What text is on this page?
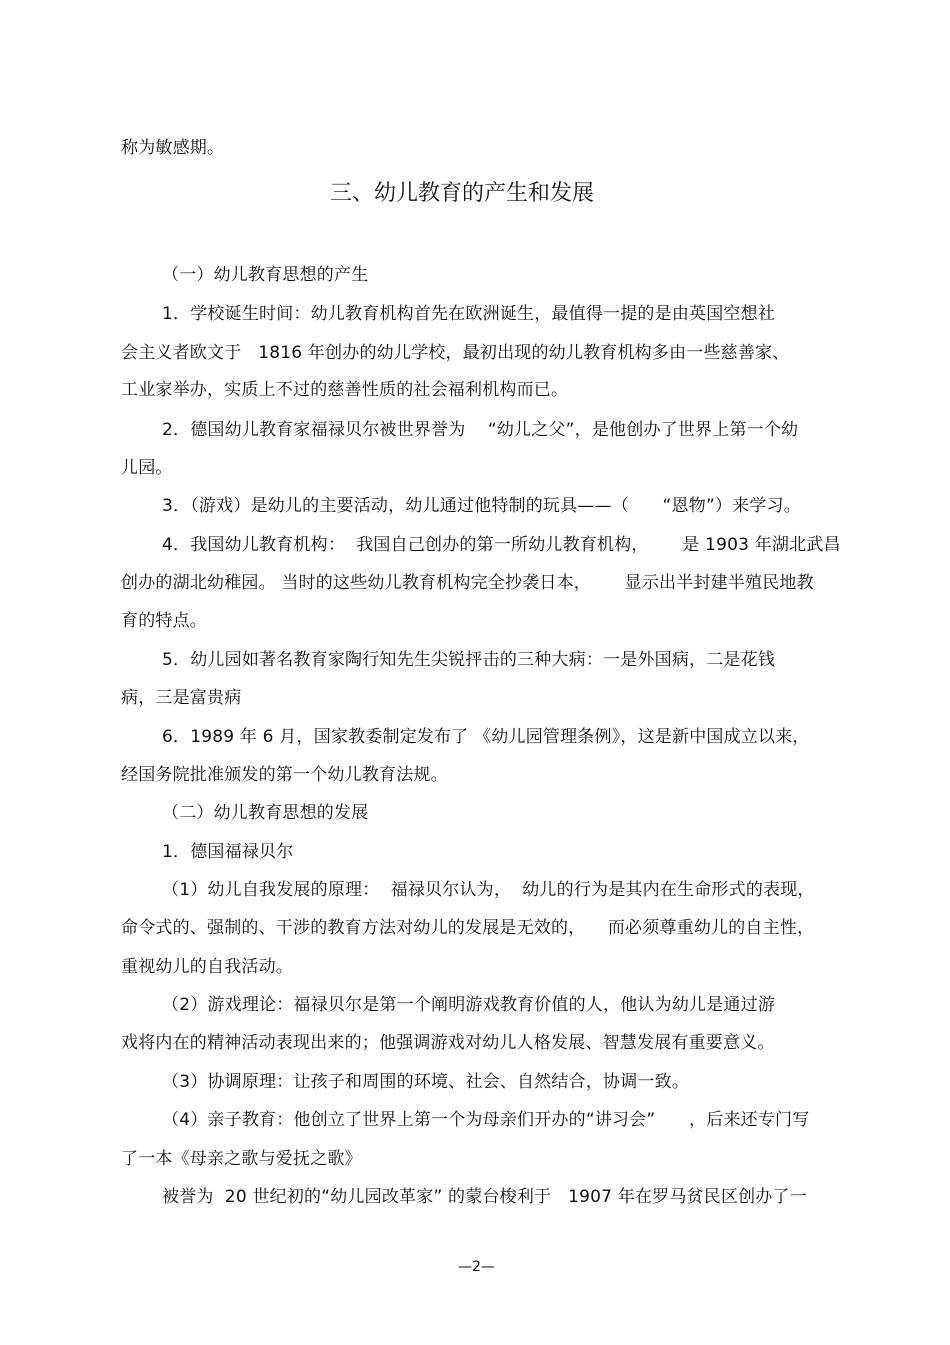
称为敏感期。
三、幼儿教育的产生和发展
（一）幼儿教育思想的产生
1．学校诞生时间：幼儿教育机构首先在欧洲诞生，最值得一提的是由英国空想社
会主义者欧文于   1816 年创办的幼儿学校，最初出现的幼儿教育机构多由一些慈善家、
工业家举办，实质上不过的慈善性质的社会福利机构而已。
2．德国幼儿教育家福禄贝尔被世界誉为    “幼儿之父”，是他创办了世界上第一个幼
儿园。
3．（游戏）是幼儿的主要活动，幼儿通过他特制的玩具——（      “恩物”）来学习。
4．我国幼儿教育机构：  我国自己创办的第一所幼儿教育机构，      是 1903 年湖北武昌
创办的湖北幼稚园。 当时的这些幼儿教育机构完全抄袭日本，      显示出半封建半殖民地教
育的特点。
5．幼儿园如著名教育家陶行知先生尖锐抨击的三种大病：一是外国病，二是花钱
病，三是富贵病
6．1989 年 6 月，国家教委制定发布了 《幼儿园管理条例》，这是新中国成立以来，
经国务院批准颁发的第一个幼儿教育法规。
（二）幼儿教育思想的发展
1．德国福禄贝尔
（1）幼儿自我发展的原理：  福禄贝尔认为，  幼儿的行为是其内在生命形式的表现，
命令式的、强制的、干涉的教育方法对幼儿的发展是无效的，    而必须尊重幼儿的自主性，
重视幼儿的自我活动。
（2）游戏理论：福禄贝尔是第一个阐明游戏教育价值的人，他认为幼儿是通过游
戏将内在的精神活动表现出来的；他强调游戏对幼儿人格发展、智慧发展有重要意义。
（3）协调原理：让孩子和周围的环境、社会、自然结合，协调一致。
（4）亲子教育：他创立了世界上第一个为母亲们开办的“讲习会”      ，后来还专门写
了一本《母亲之歌与爱抚之歌》
被誉为  20 世纪初的“幼儿园改革家” 的蒙台梭利于   1907 年在罗马贫民区创办了一
—2—
